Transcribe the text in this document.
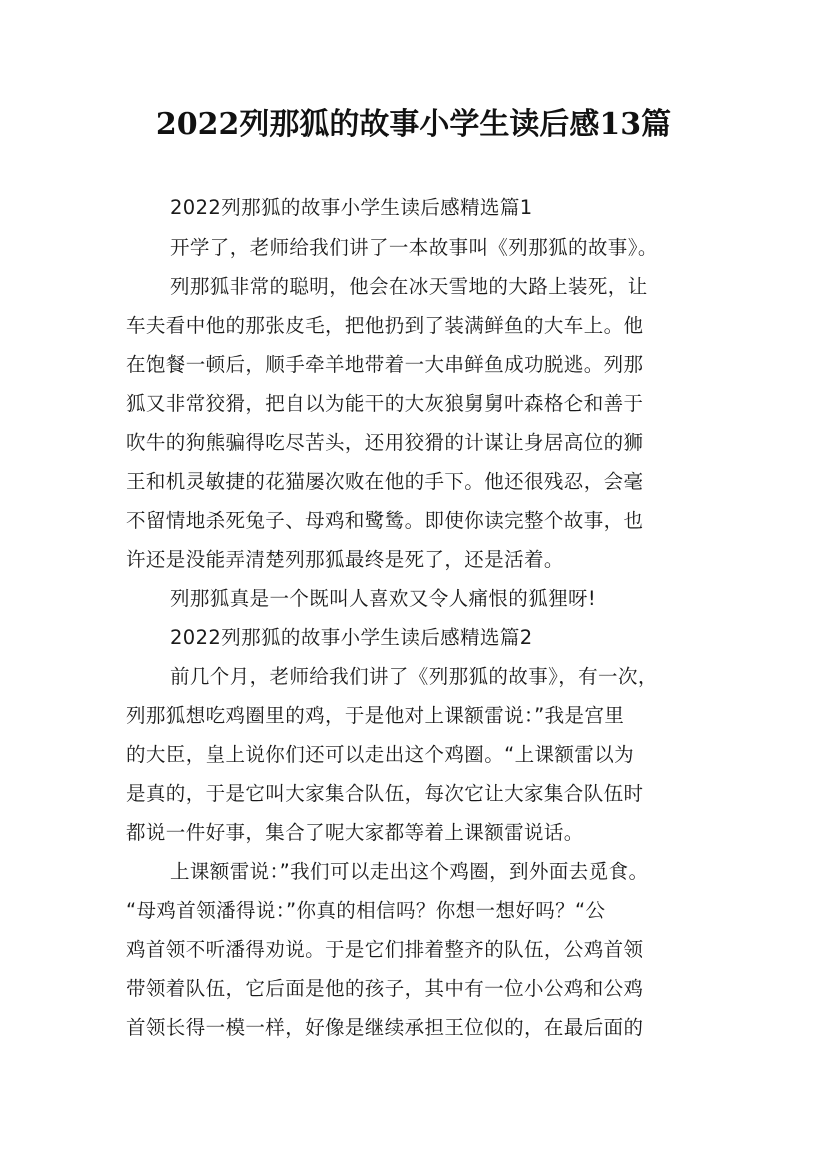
2022列那狐的故事小学生读后感13篇
2022列那狐的故事小学生读后感精选篇1
开学了，老师给我们讲了一本故事叫《列那狐的故事》。
列那狐非常的聪明，他会在冰天雪地的大路上装死，让
车夫看中他的那张皮毛，把他扔到了装满鲜鱼的大车上。他
在饱餐一顿后，顺手牵羊地带着一大串鲜鱼成功脱逃。列那
狐又非常狡猾，把自以为能干的大灰狼舅舅叶森格仑和善于
吹牛的狗熊骗得吃尽苦头，还用狡猾的计谋让身居高位的狮
王和机灵敏捷的花猫屡次败在他的手下。他还很残忍，会毫
不留情地杀死兔子、母鸡和鹭鸶。即使你读完整个故事，也
许还是没能弄清楚列那狐最终是死了，还是活着。
列那狐真是一个既叫人喜欢又令人痛恨的狐狸呀!
2022列那狐的故事小学生读后感精选篇2
前几个月，老师给我们讲了《列那狐的故事》，有一次，
列那狐想吃鸡圈里的鸡，于是他对上课额雷说：”我是宫里
的大臣，皇上说你们还可以走出这个鸡圈。“上课额雷以为
是真的，于是它叫大家集合队伍，每次它让大家集合队伍时
都说一件好事，集合了呢大家都等着上课额雷说话。
上课额雷说：”我们可以走出这个鸡圈，到外面去觅食。
“母鸡首领潘得说：”你真的相信吗？你想一想好吗？“公
鸡首领不听潘得劝说。于是它们排着整齐的队伍，公鸡首领
带领着队伍，它后面是他的孩子，其中有一位小公鸡和公鸡
首领长得一模一样，好像是继续承担王位似的，在最后面的
